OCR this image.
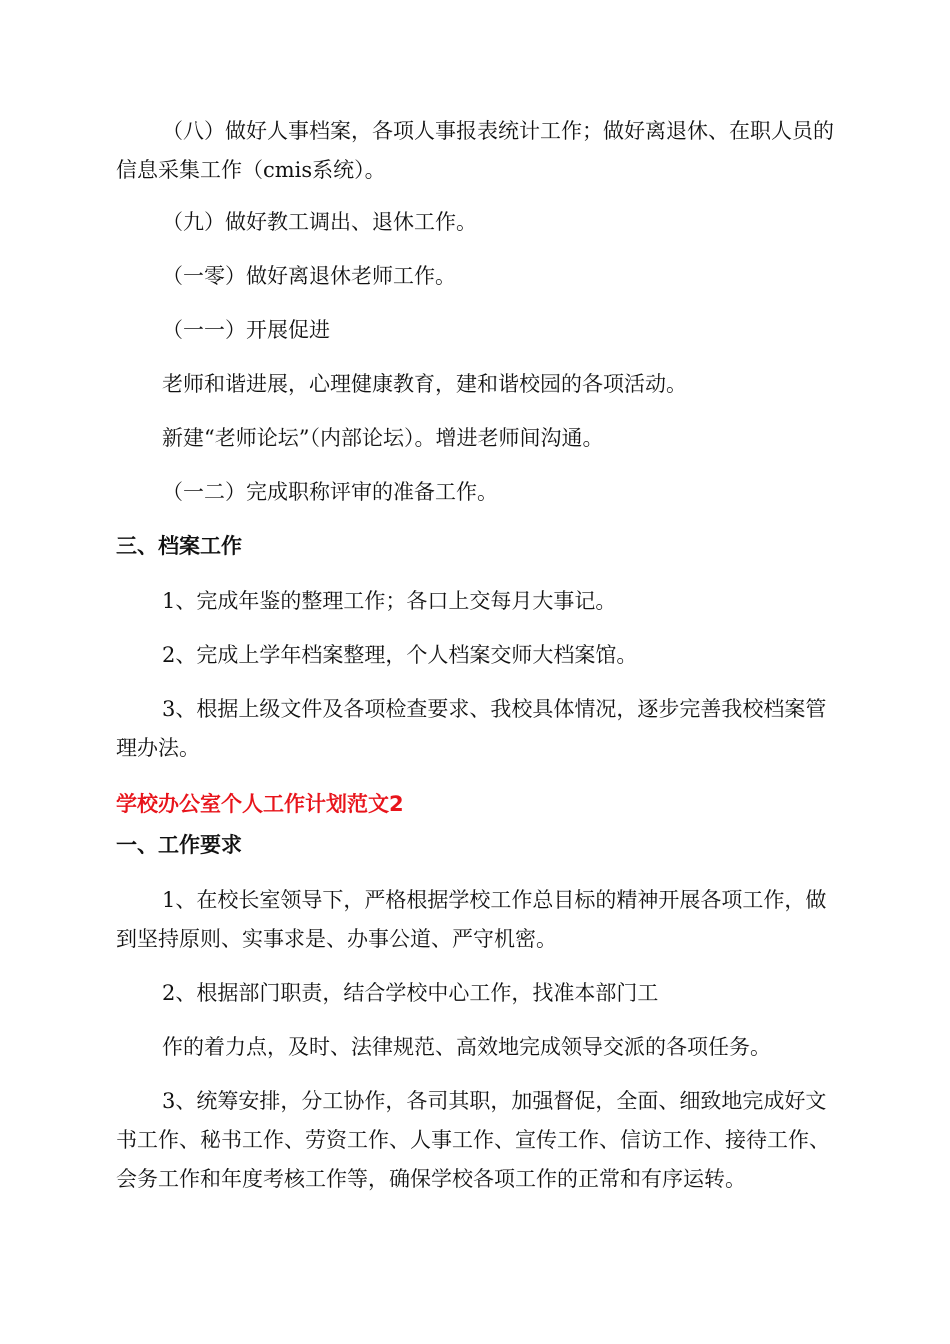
（八）做好人事档案，各项人事报表统计工作；做好离退休、在职人员的信息采集工作（cmis系统）。

（九）做好教工调出、退休工作。

（一零）做好离退休老师工作。

（一一）开展促进

老师和谐进展，心理健康教育，建和谐校园的各项活动。

新建“老师论坛”（内部论坛）。增进老师间沟通。

（一二）完成职称评审的准备工作。

三、档案工作

1、完成年鉴的整理工作；各口上交每月大事记。

2、完成上学年档案整理，个人档案交师大档案馆。

3、根据上级文件及各项检查要求、我校具体情况，逐步完善我校档案管理办法。

学校办公室个人工作计划范文2

一、工作要求

1、在校长室领导下，严格根据学校工作总目标的精神开展各项工作，做到坚持原则、实事求是、办事公道、严守机密。

2、根据部门职责，结合学校中心工作，找准本部门工

作的着力点，及时、法律规范、高效地完成领导交派的各项任务。

3、统筹安排，分工协作，各司其职，加强督促，全面、细致地完成好文书工作、秘书工作、劳资工作、人事工作、宣传工作、信访工作、接待工作、会务工作和年度考核工作等，确保学校各项工作的正常和有序运转。
